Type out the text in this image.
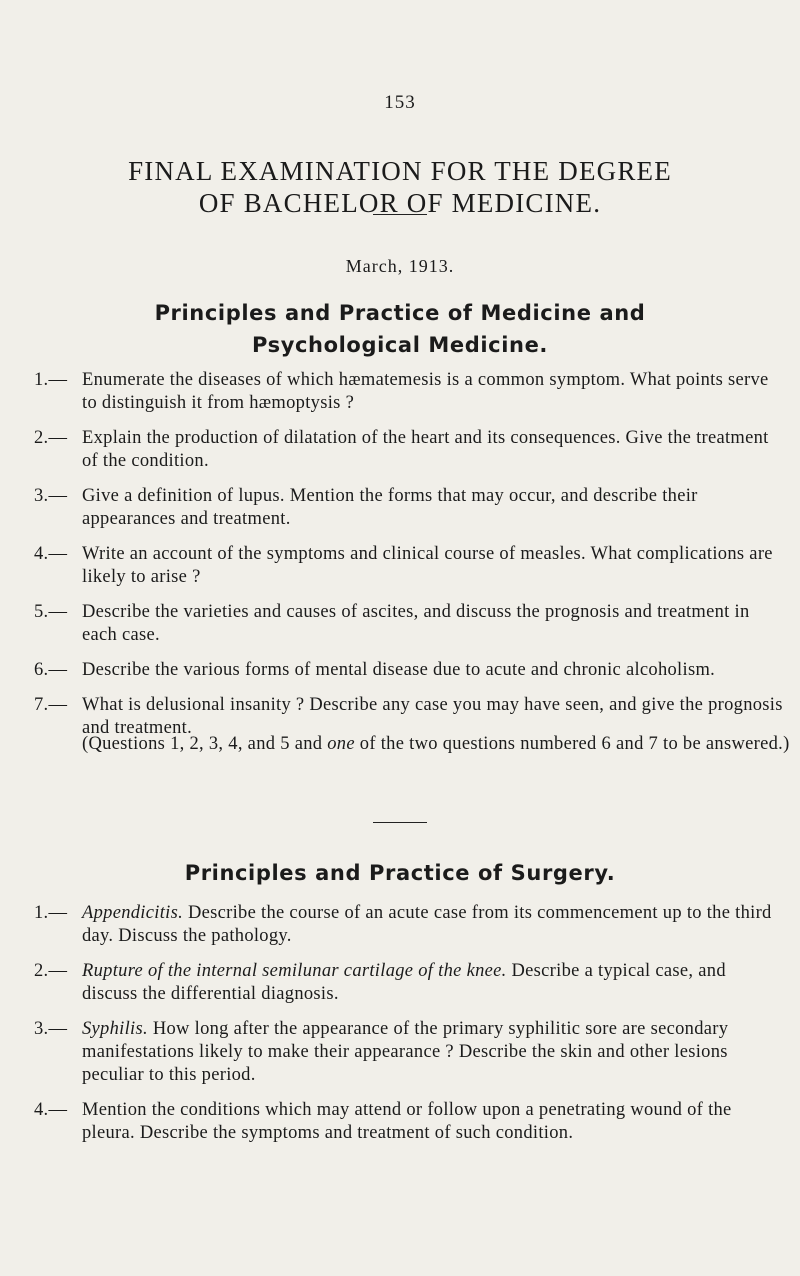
153
FINAL EXAMINATION FOR THE DEGREE
OF BACHELOR OF MEDICINE.
March, 1913.
Principles and Practice of Medicine and
Psychological Medicine.
1.— Enumerate the diseases of which hæmatemesis is a common symptom. What points serve to distinguish it from hæmoptysis ?
2.— Explain the production of dilatation of the heart and its consequences. Give the treatment of the condition.
3.— Give a definition of lupus. Mention the forms that may occur, and describe their appearances and treatment.
4.— Write an account of the symptoms and clinical course of measles. What complications are likely to arise ?
5.— Describe the varieties and causes of ascites, and discuss the prognosis and treatment in each case.
6.— Describe the various forms of mental disease due to acute and chronic alcoholism.
7.— What is delusional insanity ? Describe any case you may have seen, and give the prognosis and treatment.
(Questions 1, 2, 3, 4, and 5 and one of the two questions numbered 6 and 7 to be answered.)
Principles and Practice of Surgery.
1.— Appendicitis. Describe the course of an acute case from its commencement up to the third day. Discuss the pathology.
2.— Rupture of the internal semilunar cartilage of the knee. Describe a typical case, and discuss the differential diagnosis.
3.— Syphilis. How long after the appearance of the primary syphilitic sore are secondary manifestations likely to make their appearance ? Describe the skin and other lesions peculiar to this period.
4.— Mention the conditions which may attend or follow upon a penetrating wound of the pleura. Describe the symptoms and treatment of such condition.
